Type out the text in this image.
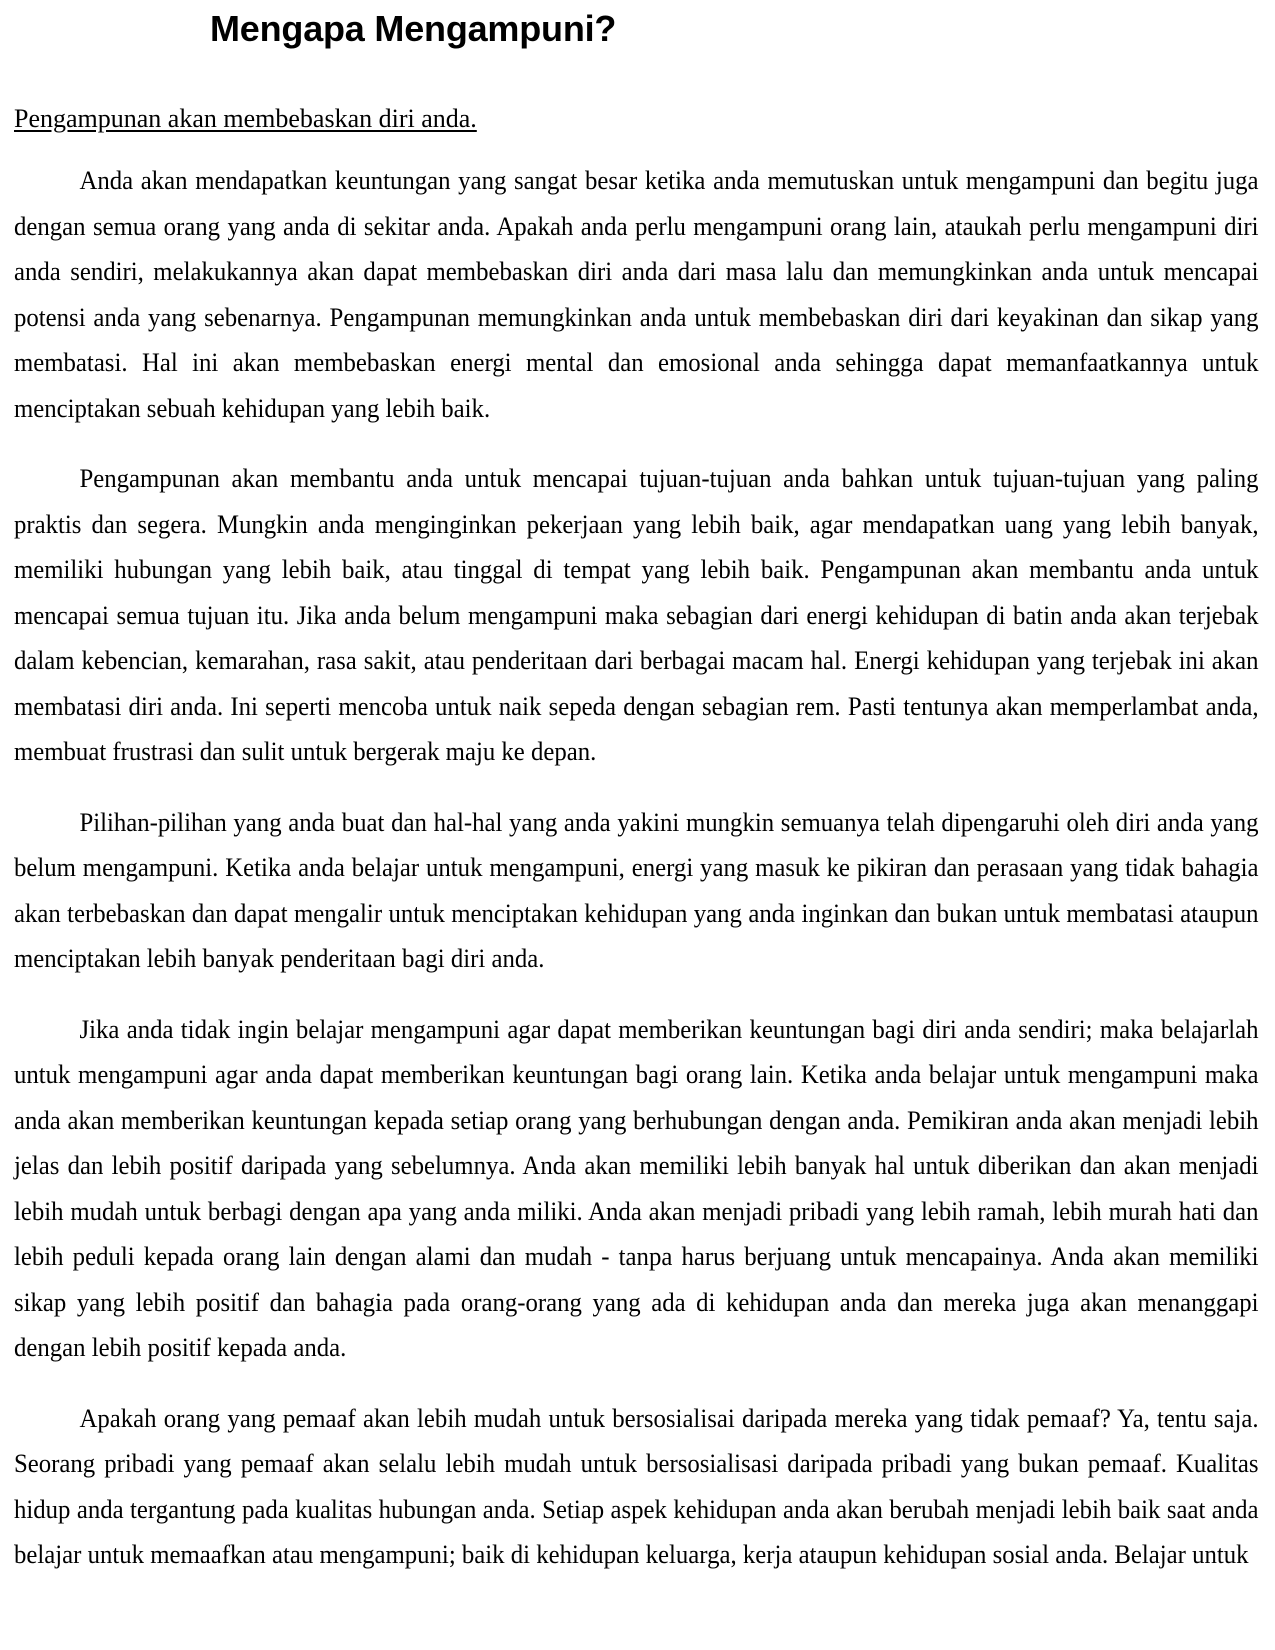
Mengapa Mengampuni?
Pengampunan akan membebaskan diri anda.

Anda akan mendapatkan keuntungan yang sangat besar ketika anda memutuskan untuk mengampuni dan begitu juga dengan semua orang yang anda di sekitar anda. Apakah anda perlu mengampuni orang lain, ataukah perlu mengampuni diri anda sendiri, melakukannya akan dapat membebaskan diri anda dari masa lalu dan memungkinkan anda untuk mencapai potensi anda yang sebenarnya. Pengampunan memungkinkan anda untuk membebaskan diri dari keyakinan dan sikap yang membatasi. Hal ini akan membebaskan energi mental dan emosional anda sehingga dapat memanfaatkannya untuk menciptakan sebuah kehidupan yang lebih baik.

Pengampunan akan membantu anda untuk mencapai tujuan-tujuan anda bahkan untuk tujuan-tujuan yang paling praktis dan segera. Mungkin anda menginginkan pekerjaan yang lebih baik, agar mendapatkan uang yang lebih banyak, memiliki hubungan yang lebih baik, atau tinggal di tempat yang lebih baik. Pengampunan akan membantu anda untuk mencapai semua tujuan itu. Jika anda belum mengampuni maka sebagian dari energi kehidupan di batin anda akan terjebak dalam kebencian, kemarahan, rasa sakit, atau penderitaan dari berbagai macam hal. Energi kehidupan yang terjebak ini akan membatasi diri anda. Ini seperti mencoba untuk naik sepeda dengan sebagian rem. Pasti tentunya akan memperlambat anda, membuat frustrasi dan sulit untuk bergerak maju ke depan.

Pilihan-pilihan yang anda buat dan hal-hal yang anda yakini mungkin semuanya telah dipengaruhi oleh diri anda yang belum mengampuni. Ketika anda belajar untuk mengampuni, energi yang masuk ke pikiran dan perasaan yang tidak bahagia akan terbebaskan dan dapat mengalir untuk menciptakan kehidupan yang anda inginkan dan bukan untuk membatasi ataupun menciptakan lebih banyak penderitaan bagi diri anda.

Jika anda tidak ingin belajar mengampuni agar dapat memberikan keuntungan bagi diri anda sendiri; maka belajarlah untuk mengampuni agar anda dapat memberikan keuntungan bagi orang lain. Ketika anda belajar untuk mengampuni maka anda akan memberikan keuntungan kepada setiap orang yang berhubungan dengan anda. Pemikiran anda akan menjadi lebih jelas dan lebih positif daripada yang sebelumnya. Anda akan memiliki lebih banyak hal untuk diberikan dan akan menjadi lebih mudah untuk berbagi dengan apa yang anda miliki. Anda akan menjadi pribadi yang lebih ramah, lebih murah hati dan lebih peduli kepada orang lain dengan alami dan mudah - tanpa harus berjuang untuk mencapainya. Anda akan memiliki sikap yang lebih positif dan bahagia pada orang-orang yang ada di kehidupan anda dan mereka juga akan menanggapi dengan lebih positif kepada anda.

Apakah orang yang pemaaf akan lebih mudah untuk bersosialisai daripada mereka yang tidak pemaaf? Ya, tentu saja. Seorang pribadi yang pemaaf akan selalu lebih mudah untuk bersosialisasi daripada pribadi yang bukan pemaaf. Kualitas hidup anda tergantung pada kualitas hubungan anda. Setiap aspek kehidupan anda akan berubah menjadi lebih baik saat anda belajar untuk memaafkan atau mengampuni; baik di kehidupan keluarga, kerja ataupun kehidupan sosial anda. Belajar untuk
